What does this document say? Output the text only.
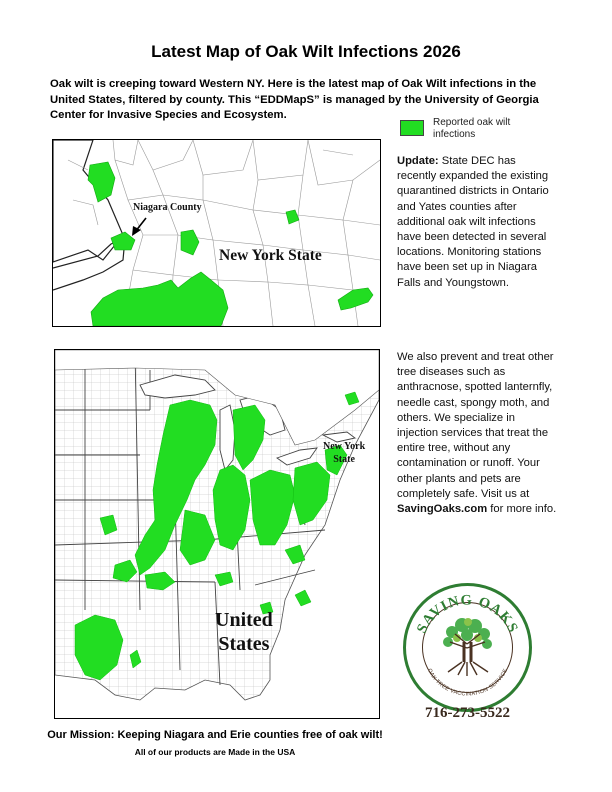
Latest Map of Oak Wilt Infections 2026
Oak wilt is creeping toward Western NY. Here is the latest map of Oak Wilt infections in the United States, filtered by county. This “EDDMapS” is managed by the University of Georgia Center for Invasive Species and Ecosystem.
Reported oak wilt infections
Niagara County
New York State
New York
State
United
States
Update: State DEC has recently expanded the existing quarantined districts in Ontario and Yates counties after additional oak wilt infections have been detected in several locations. Monitoring stations have been set up in Niagara Falls and Youngstown.
We also prevent and treat other tree diseases such as anthracnose, spotted lanternfly, needle cast, spongy moth, and others. We specialize in injection services that treat the entire tree, without any contamination or runoff. Your other plants and pets are completely safe. Visit us at SavingOaks.com for more info.
SAVING OAKS
OAK TREE VACCINATION SERVICE
716-273-5522
Our Mission: Keeping Niagara and Erie counties free of oak wilt!
All of our products are Made in the USA
